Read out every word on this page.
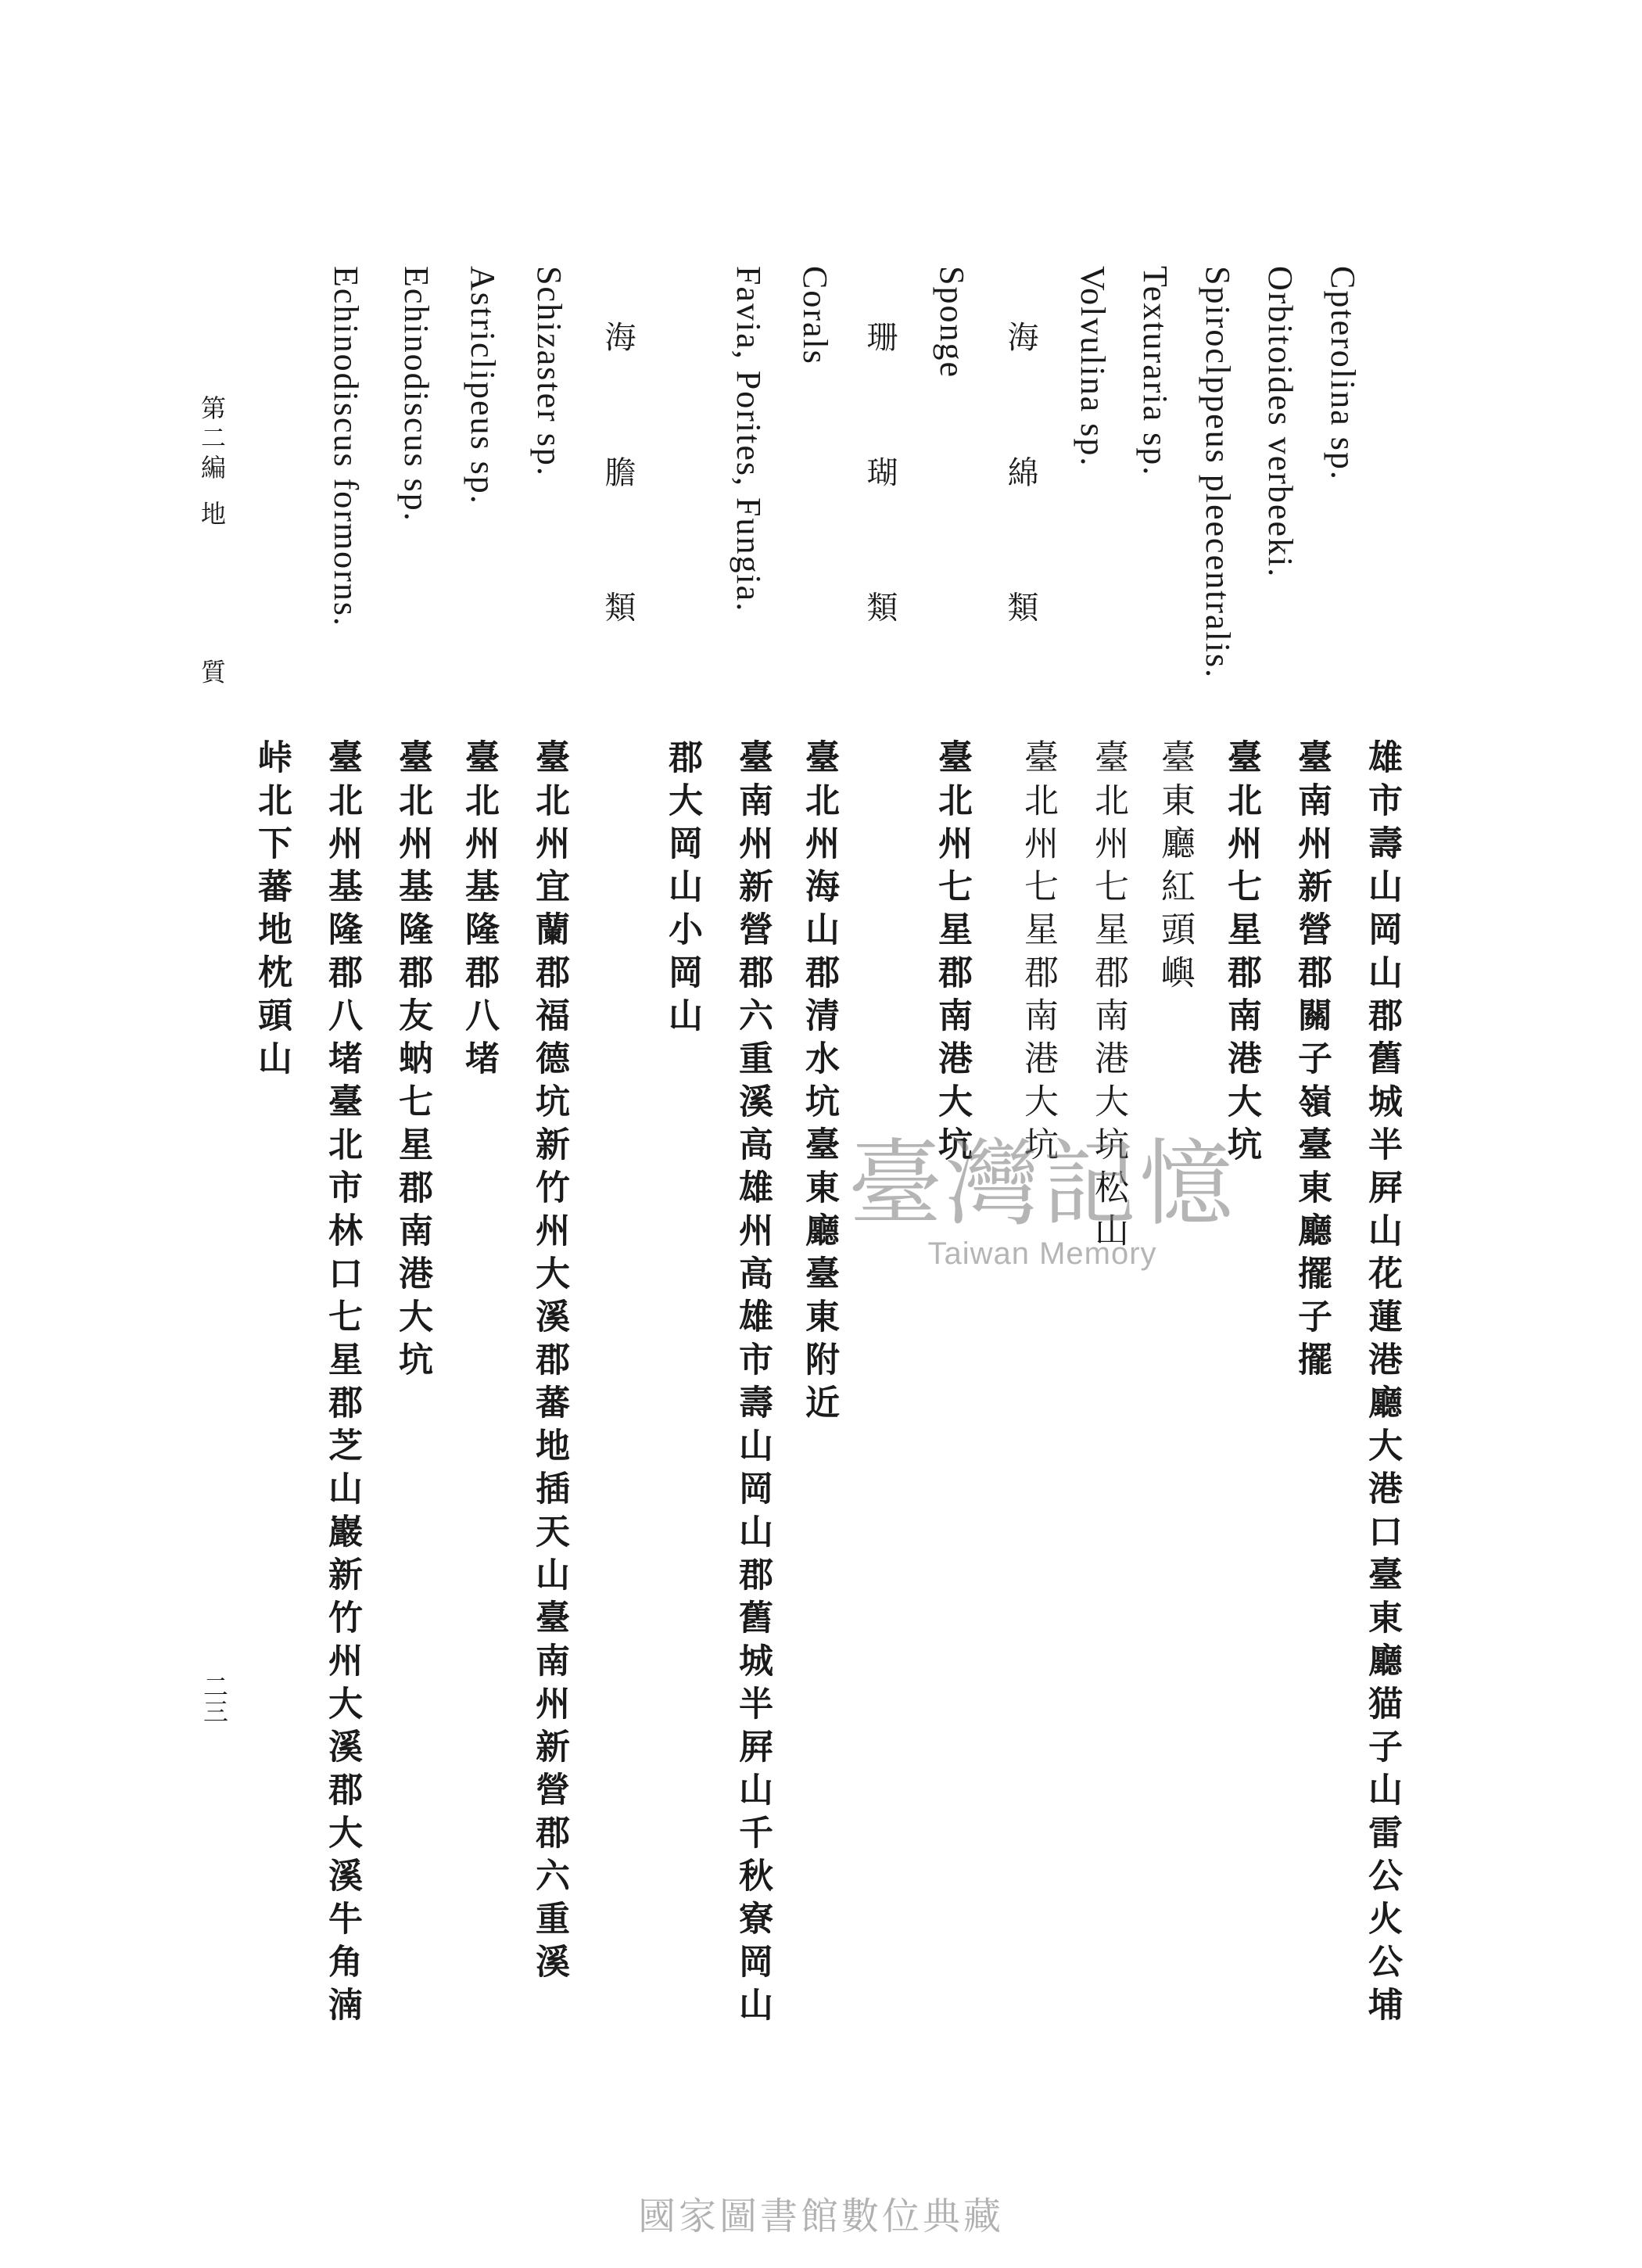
Cpterolina sp.
Orbitoides verbeeki.
Spiroclppeus pleecentralis.
Texturaria sp.
Volvulina sp.
海 綿 類
Sponge
珊 瑚 類
Corals
Favia, Porites, Fungia.
海 膽 類
Schizaster sp.
Astriclipeus sp.
Echinodiscus sp.
Echinodiscus formorns.
第二編
地 質
雄市壽山岡山郡舊城半屛山花蓮港廳大港口臺東廳猫子山雷公火公埔
臺南州新營郡關子嶺臺東廳擺子擺
臺北州七星郡南港大坑
臺東廳紅頭嶼
臺北州七星郡南港大坑松山
臺北州七星郡南港大坑
臺北州七星郡南港大坑
臺北州海山郡清水坑臺東廳臺東附近
臺南州新營郡六重溪高雄州高雄市壽山岡山郡舊城半屛山千秋寮岡山
郡大岡山小岡山
臺北州宜蘭郡福德坑新竹州大溪郡蕃地插天山臺南州新營郡六重溪
臺北州基隆郡八堵
臺北州基隆郡友蚋七星郡南港大坑
臺北州基隆郡八堵臺北市林口七星郡芝山巖新竹州大溪郡大溪牛角湳
峠北下蕃地枕頭山
二三
臺灣記憶
Taiwan Memory
國家圖書館數位典藏
